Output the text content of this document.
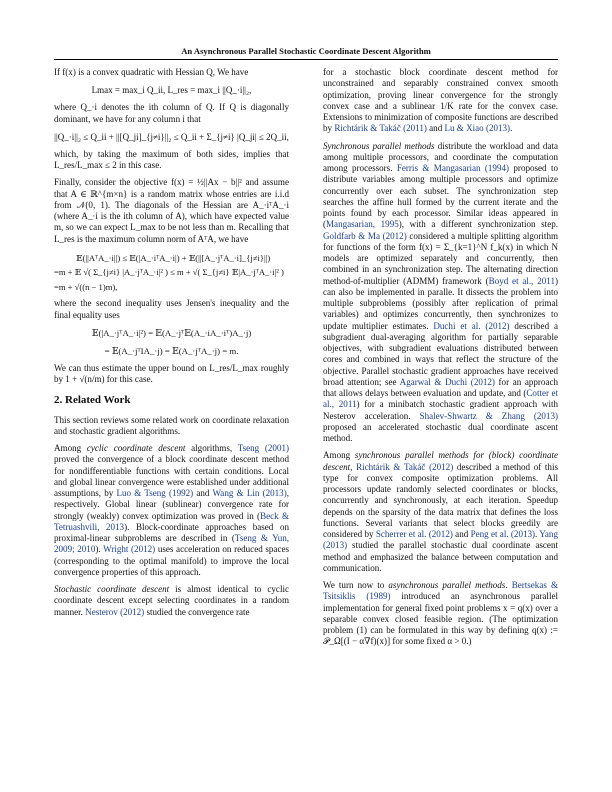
An Asynchronous Parallel Stochastic Coordinate Descent Algorithm

If f(x) is a convex quadratic with Hessian Q, We have

Lmax = max_i Q_ii, L_res = max_i ||Q_·i||₂,

where Q_·i denotes the ith column of Q. If Q is diagonally dominant, we have for any column i that

||Q_·i||₂ ≤ Q_ii + ||[Q_ji]_{j≠i}||₂ ≤ Q_ii + Σ_{j≠i} |Q_ji| ≤ 2Q_ii,

which, by taking the maximum of both sides, implies that L_res/L_max ≤ 2 in this case.

Finally, consider the objective f(x) = ½||Ax − b||² and assume that A ∈ ℝ^{m×n} is a random matrix whose entries are i.i.d from 𝒩(0, 1). The diagonals of the Hessian are A_·iᵀA_·i (where A_·i is the ith column of A), which have expected value m, so we can expect L_max to be not less than m. Recalling that L_res is the maximum column norm of AᵀA, we have

𝔼(||AᵀA_·i||) ≤ 𝔼(|A_·iᵀA_·i|) + 𝔼(||[A_·jᵀA_·i]_{j≠i}||)
=m + 𝔼 √( Σ_{j≠i} |A_·jᵀA_·i|² ) ≤ m + √( Σ_{j≠i} 𝔼|A_·jᵀA_·i|² )
=m + √((n − 1)m),

where the second inequality uses Jensen's inequality and the final equality uses

𝔼(|A_·jᵀA_·i|²) = 𝔼(A_·jᵀ𝔼(A_·iA_·iᵀ)A_·j)
= 𝔼(A_·jᵀIA_·j) = 𝔼(A_·jᵀA_·j) = m.

We can thus estimate the upper bound on L_res/L_max roughly by 1 + √(n/m) for this case.

2. Related Work

This section reviews some related work on coordinate relaxation and stochastic gradient algorithms.

Among cyclic coordinate descent algorithms, Tseng (2001) proved the convergence of a block coordinate descent method for nondifferentiable functions with certain conditions. Local and global linear convergence were established under additional assumptions, by Luo & Tseng (1992) and Wang & Lin (2013), respectively. Global linear (sublinear) convergence rate for strongly (weakly) convex optimization was proved in (Beck & Tetruashvili, 2013). Block-coordinate approaches based on proximal-linear subproblems are described in (Tseng & Yun, 2009; 2010). Wright (2012) uses acceleration on reduced spaces (corresponding to the optimal manifold) to improve the local convergence properties of this approach.

Stochastic coordinate descent is almost identical to cyclic coordinate descent except selecting coordinates in a random manner. Nesterov (2012) studied the convergence rate

for a stochastic block coordinate descent method for unconstrained and separably constrained convex smooth optimization, proving linear convergence for the strongly convex case and a sublinear 1/K rate for the convex case. Extensions to minimization of composite functions are described by Richtárik & Takáč (2011) and Lu & Xiao (2013).

Synchronous parallel methods distribute the workload and data among multiple processors, and coordinate the computation among processors. Ferris & Mangasarian (1994) proposed to distribute variables among multiple processors and optimize concurrently over each subset. The synchronization step searches the affine hull formed by the current iterate and the points found by each processor. Similar ideas appeared in (Mangasarian, 1995), with a different synchronization step. Goldfarb & Ma (2012) considered a multiple splitting algorithm for functions of the form f(x) = Σ_{k=1}^N f_k(x) in which N models are optimized separately and concurrently, then combined in an synchronization step. The alternating direction method-of-multiplier (ADMM) framework (Boyd et al., 2011) can also be implemented in paralle. It dissects the problem into multiple subproblems (possibly after replication of primal variables) and optimizes concurrently, then synchronizes to update multiplier estimates. Duchi et al. (2012) described a subgradient dual-averaging algorithm for partially separable objectives, with subgradient evaluations distributed between cores and combined in ways that reflect the structure of the objective. Parallel stochastic gradient approaches have received broad attention; see Agarwal & Duchi (2012) for an approach that allows delays between evaluation and update, and (Cotter et al., 2011) for a minibatch stochastic gradient approach with Nesterov acceleration. Shalev-Shwartz & Zhang (2013) proposed an accelerated stochastic dual coordinate ascent method.

Among synchronous parallel methods for (block) coordinate descent, Richtárik & Takáč (2012) described a method of this type for convex composite optimization problems. All processors update randomly selected coordinates or blocks, concurrently and synchronously, at each iteration. Speedup depends on the sparsity of the data matrix that defines the loss functions. Several variants that select blocks greedily are considered by Scherrer et al. (2012) and Peng et al. (2013). Yang (2013) studied the parallel stochastic dual coordinate ascent method and emphasized the balance between computation and communication.

We turn now to asynchronous parallel methods. Bertsekas & Tsitsiklis (1989) introduced an asynchronous parallel implementation for general fixed point problems x = q(x) over a separable convex closed feasible region. (The optimization problem (1) can be formulated in this way by defining q(x) := 𝒫_Ω[(I − α∇f)(x)] for some fixed α > 0.)
